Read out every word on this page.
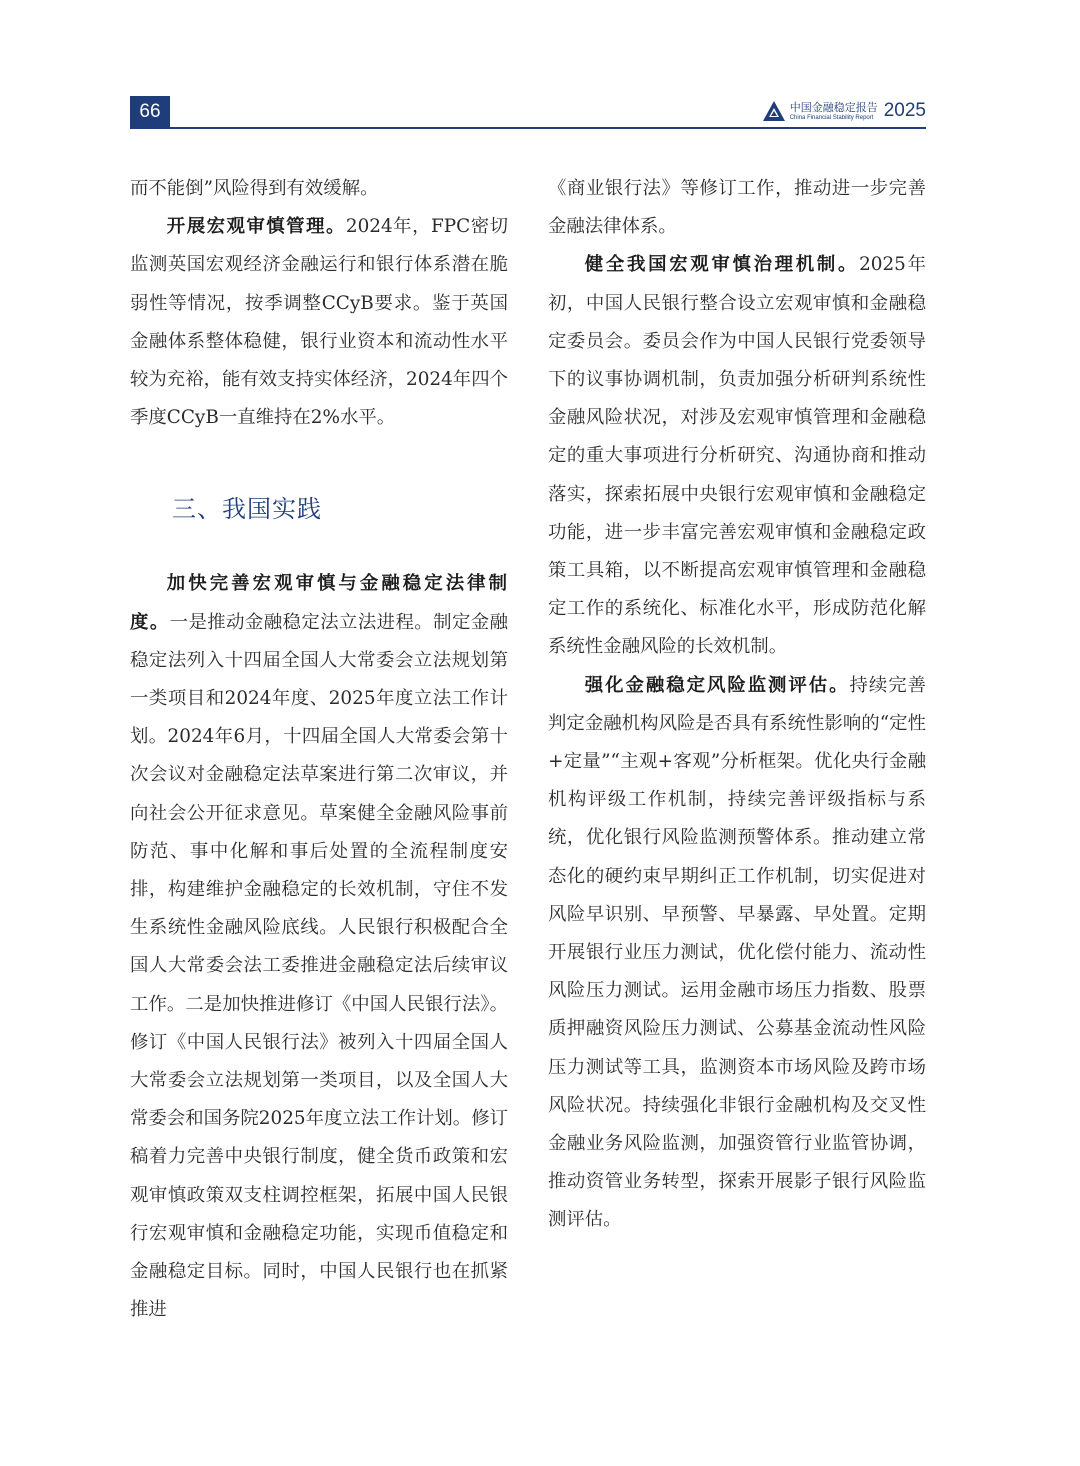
66	中国金融稳定报告
China Financial Stability Report 2025

而不能倒”风险得到有效缓解。

开展宏观审慎管理。2024年，FPC密切监测英国宏观经济金融运行和银行体系潜在脆弱性等情况，按季调整CCyB要求。鉴于英国金融体系整体稳健，银行业资本和流动性水平较为充裕，能有效支持实体经济，2024年四个季度CCyB一直维持在2%水平。

三、我国实践

加快完善宏观审慎与金融稳定法律制度。一是推动金融稳定法立法进程。制定金融稳定法列入十四届全国人大常委会立法规划第一类项目和2024年度、2025年度立法工作计划。2024年6月，十四届全国人大常委会第十次会议对金融稳定法草案进行第二次审议，并向社会公开征求意见。草案健全金融风险事前防范、事中化解和事后处置的全流程制度安排，构建维护金融稳定的长效机制，守住不发生系统性金融风险底线。人民银行积极配合全国人大常委会法工委推进金融稳定法后续审议工作。二是加快推进修订《中国人民银行法》。修订《中国人民银行法》被列入十四届全国人大常委会立法规划第一类项目，以及全国人大常委会和国务院2025年度立法工作计划。修订稿着力完善中央银行制度，健全货币政策和宏观审慎政策双支柱调控框架，拓展中国人民银行宏观审慎和金融稳定功能，实现币值稳定和金融稳定目标。同时，中国人民银行也在抓紧推进

《商业银行法》等修订工作，推动进一步完善金融法律体系。

健全我国宏观审慎治理机制。2025年初，中国人民银行整合设立宏观审慎和金融稳定委员会。委员会作为中国人民银行党委领导下的议事协调机制，负责加强分析研判系统性金融风险状况，对涉及宏观审慎管理和金融稳定的重大事项进行分析研究、沟通协商和推动落实，探索拓展中央银行宏观审慎和金融稳定功能，进一步丰富完善宏观审慎和金融稳定政策工具箱，以不断提高宏观审慎管理和金融稳定工作的系统化、标准化水平，形成防范化解系统性金融风险的长效机制。

强化金融稳定风险监测评估。持续完善判定金融机构风险是否具有系统性影响的“定性+定量”“主观+客观”分析框架。优化央行金融机构评级工作机制，持续完善评级指标与系统，优化银行风险监测预警体系。推动建立常态化的硬约束早期纠正工作机制，切实促进对风险早识别、早预警、早暴露、早处置。定期开展银行业压力测试，优化偿付能力、流动性风险压力测试。运用金融市场压力指数、股票质押融资风险压力测试、公募基金流动性风险压力测试等工具，监测资本市场风险及跨市场风险状况。持续强化非银行金融机构及交叉性金融业务风险监测，加强资管行业监管协调，推动资管业务转型，探索开展影子银行风险监测评估。
